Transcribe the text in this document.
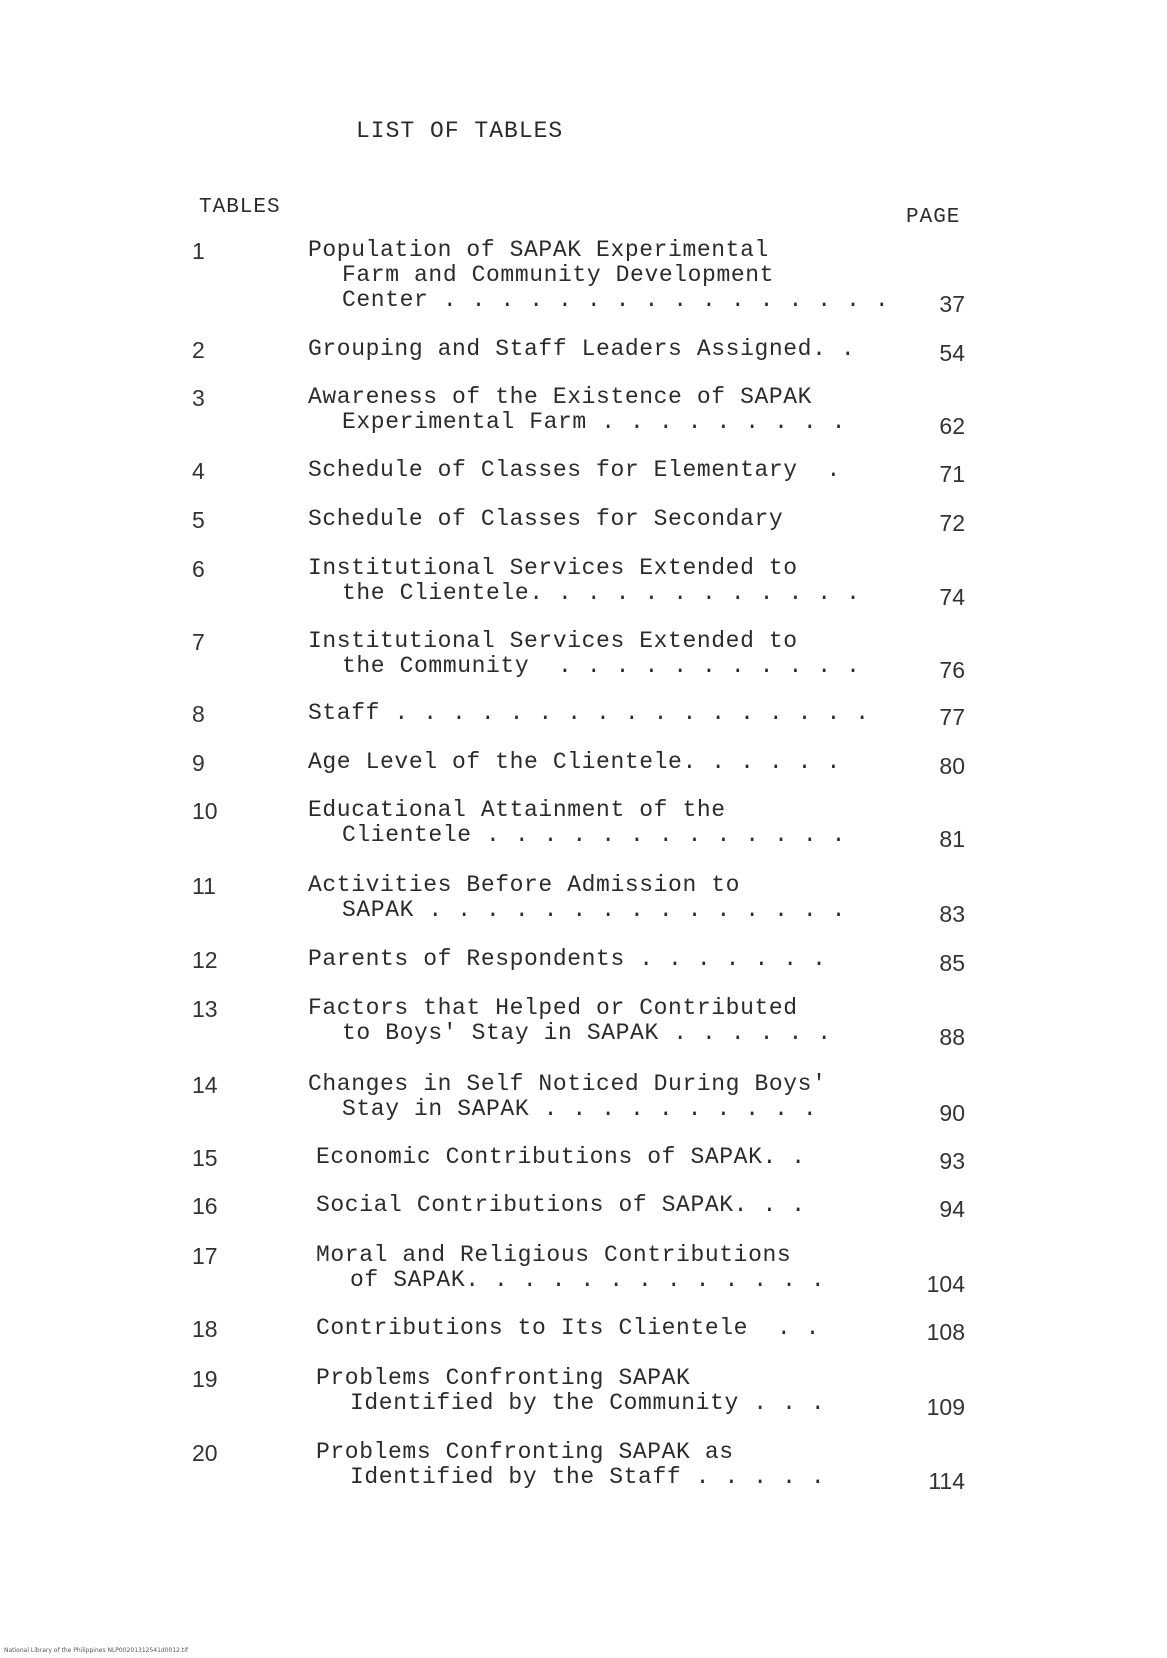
LIST OF TABLES
TABLES	PAGE
1	Population of SAPAK Experimental
Farm and Community Development
Center . . . . . . . . . . . . . . . .	37
2	Grouping and Staff Leaders Assigned. .	54
3	Awareness of the Existence of SAPAK
Experimental Farm . . . . . . . . .	62
4	Schedule of Classes for Elementary  .	71
5	Schedule of Classes for Secondary	72
6	Institutional Services Extended to
the Clientele. . . . . . . . . . . .	74
7	Institutional Services Extended to
the Community  . . . . . . . . . . .	76
8	Staff . . . . . . . . . . . . . . . . .	77
9	Age Level of the Clientele. . . . . .	80
10	Educational Attainment of the
Clientele . . . . . . . . . . . . .	81
11	Activities Before Admission to
SAPAK . . . . . . . . . . . . . . .	83
12	Parents of Respondents . . . . . . .	85
13	Factors that Helped or Contributed
to Boys' Stay in SAPAK . . . . . .	88
14	Changes in Self Noticed During Boys'
Stay in SAPAK . . . . . . . . . .	90
15	Economic Contributions of SAPAK. .	93
16	Social Contributions of SAPAK. . .	94
17	Moral and Religious Contributions
of SAPAK. . . . . . . . . . . . .	104
18	Contributions to Its Clientele  . .	108
19	Problems Confronting SAPAK
Identified by the Community . . .	109
20	Problems Confronting SAPAK as
Identified by the Staff . . . . .	114
National Library of the Philippines NLP00201312541d0012.tif
